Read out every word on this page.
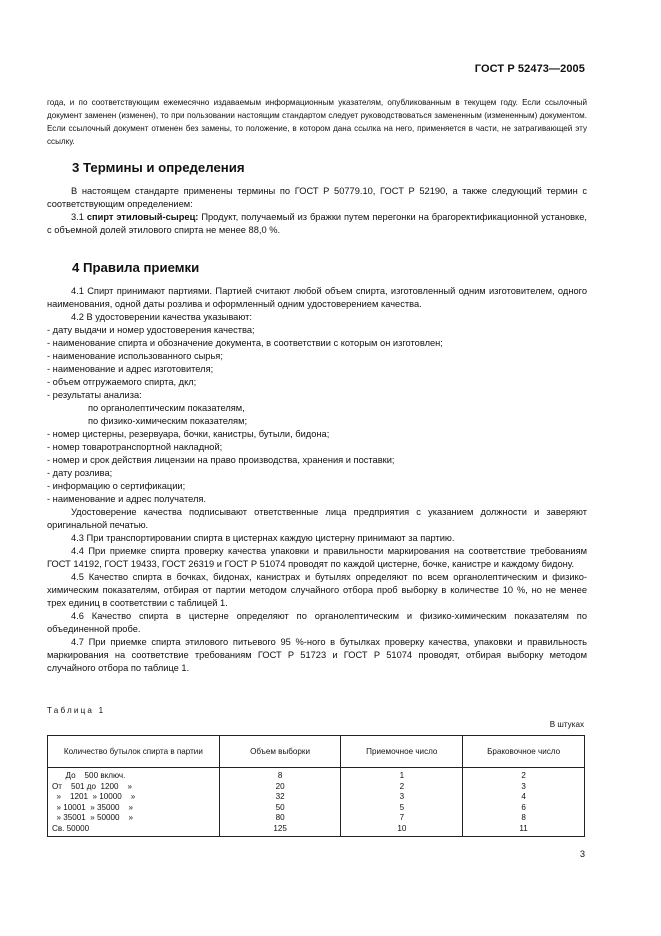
ГОСТ Р 52473—2005

года, и по соответствующим ежемесячно издаваемым информационным указателям, опубликованным в текущем году. Если ссылочный документ заменен (изменен), то при пользовании настоящим стандартом следует руководствоваться замененным (измененным) документом. Если ссылочный документ отменен без замены, то положение, в котором дана ссылка на него, применяется в части, не затрагивающей эту ссылку.

3 Термины и определения

В настоящем стандарте применены термины по ГОСТ Р 50779.10, ГОСТ Р 52190, а также следующий термин с соответствующим определением:

3.1 спирт этиловый-сырец: Продукт, получаемый из бражки путем перегонки на брагоректификационной установке, с объемной долей этилового спирта не менее 88,0 %.

4 Правила приемки

4.1 Спирт принимают партиями. Партией считают любой объем спирта, изготовленный одним изготовителем, одного наименования, одной даты розлива и оформленный одним удостоверением качества.

4.2 В удостоверении качества указывают:

- дату выдачи и номер удостоверения качества;

- наименование спирта и обозначение документа, в соответствии с которым он изготовлен;

- наименование использованного сырья;

- наименование и адрес изготовителя;

- объем отгружаемого спирта, дкл;

- результаты анализа:

по органолептическим показателям,

по физико-химическим показателям;

- номер цистерны, резервуара, бочки, канистры, бутыли, бидона;

- номер товаротранспортной накладной;

- номер и срок действия лицензии на право производства, хранения и поставки;

- дату розлива;

- информацию о сертификации;

- наименование и адрес получателя.

Удостоверение качества подписывают ответственные лица предприятия с указанием должности и заверяют оригинальной печатью.

4.3 При транспортировании спирта в цистернах каждую цистерну принимают за партию.

4.4 При приемке спирта проверку качества упаковки и правильности маркирования на соответствие требованиям ГОСТ 14192, ГОСТ 19433, ГОСТ 26319 и ГОСТ Р 51074 проводят по каждой цистерне, бочке, канистре и каждому бидону.

4.5 Качество спирта в бочках, бидонах, канистрах и бутылях определяют по всем органолептическим и физико-химическим показателям, отбирая от партии методом случайного отбора проб выборку в количестве 10 %, но не менее трех единиц в соответствии с таблицей 1.

4.6 Качество спирта в цистерне определяют по органолептическим и физико-химическим показателям по объединенной пробе.

4.7 При приемке спирта этилового питьевого 95 %-ного в бутылках проверку качества, упаковки и правильность маркирования на соответствие требованиям ГОСТ Р 51723 и ГОСТ Р 51074 проводят, отбирая выборку методом случайного отбора по таблице 1.

Таблица 1
В штуках
Количество бутылок спирта в партии	Объем выборки	Приемочное число	Браковочное число
До    500 включ.	8	1	2
От    501 до  1200    »	20	2	3
»    1201  » 10000    »	32	3	4
» 10001  » 35000    »	50	5	6
» 35001  » 50000    »	80	7	8
Св. 50000	125	10	11
3
